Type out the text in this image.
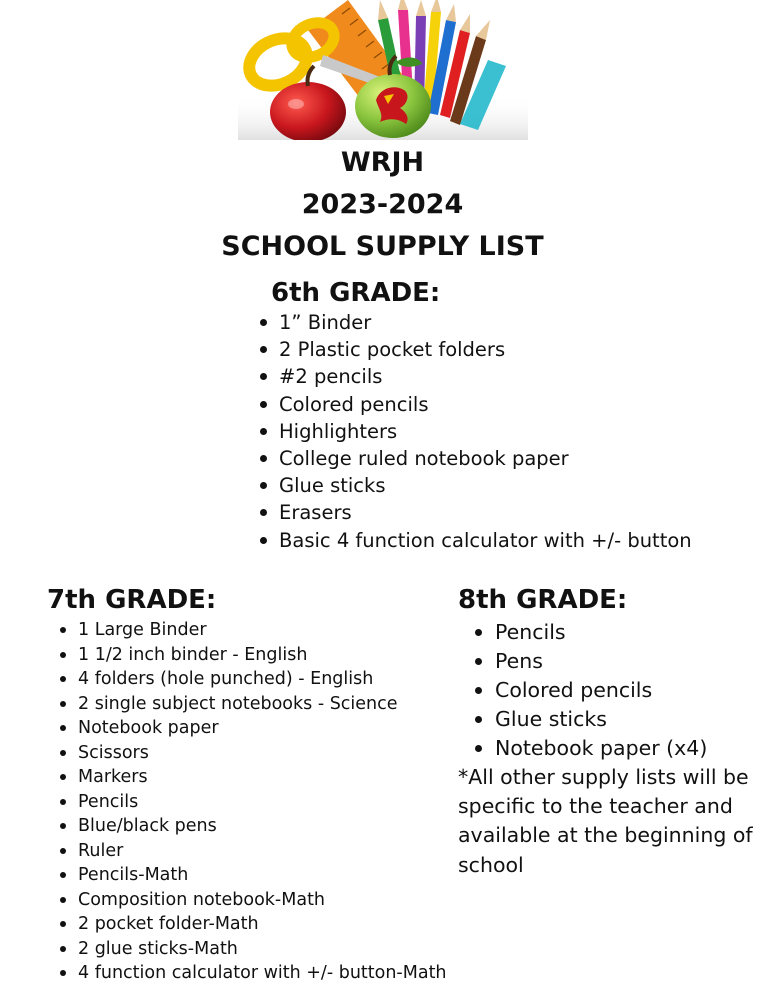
WRJH
2023-2024
SCHOOL SUPPLY LIST
6th GRADE:
1” Binder
2 Plastic pocket folders
#2 pencils
Colored pencils
Highlighters
College ruled notebook paper
Glue sticks
Erasers
Basic 4 function calculator with +/- button
7th GRADE:
1 Large Binder
1 1/2 inch binder - English
4 folders (hole punched) - English
2 single subject notebooks - Science
Notebook paper
Scissors
Markers
Pencils
Blue/black pens
Ruler
Pencils-Math
Composition notebook-Math
2 pocket folder-Math
2 glue sticks-Math
4 function calculator with +/- button-Math
8th GRADE:
Pencils
Pens
Colored pencils
Glue sticks
Notebook paper (x4)
*All other supply lists will be specific to the teacher and available at the beginning of school
